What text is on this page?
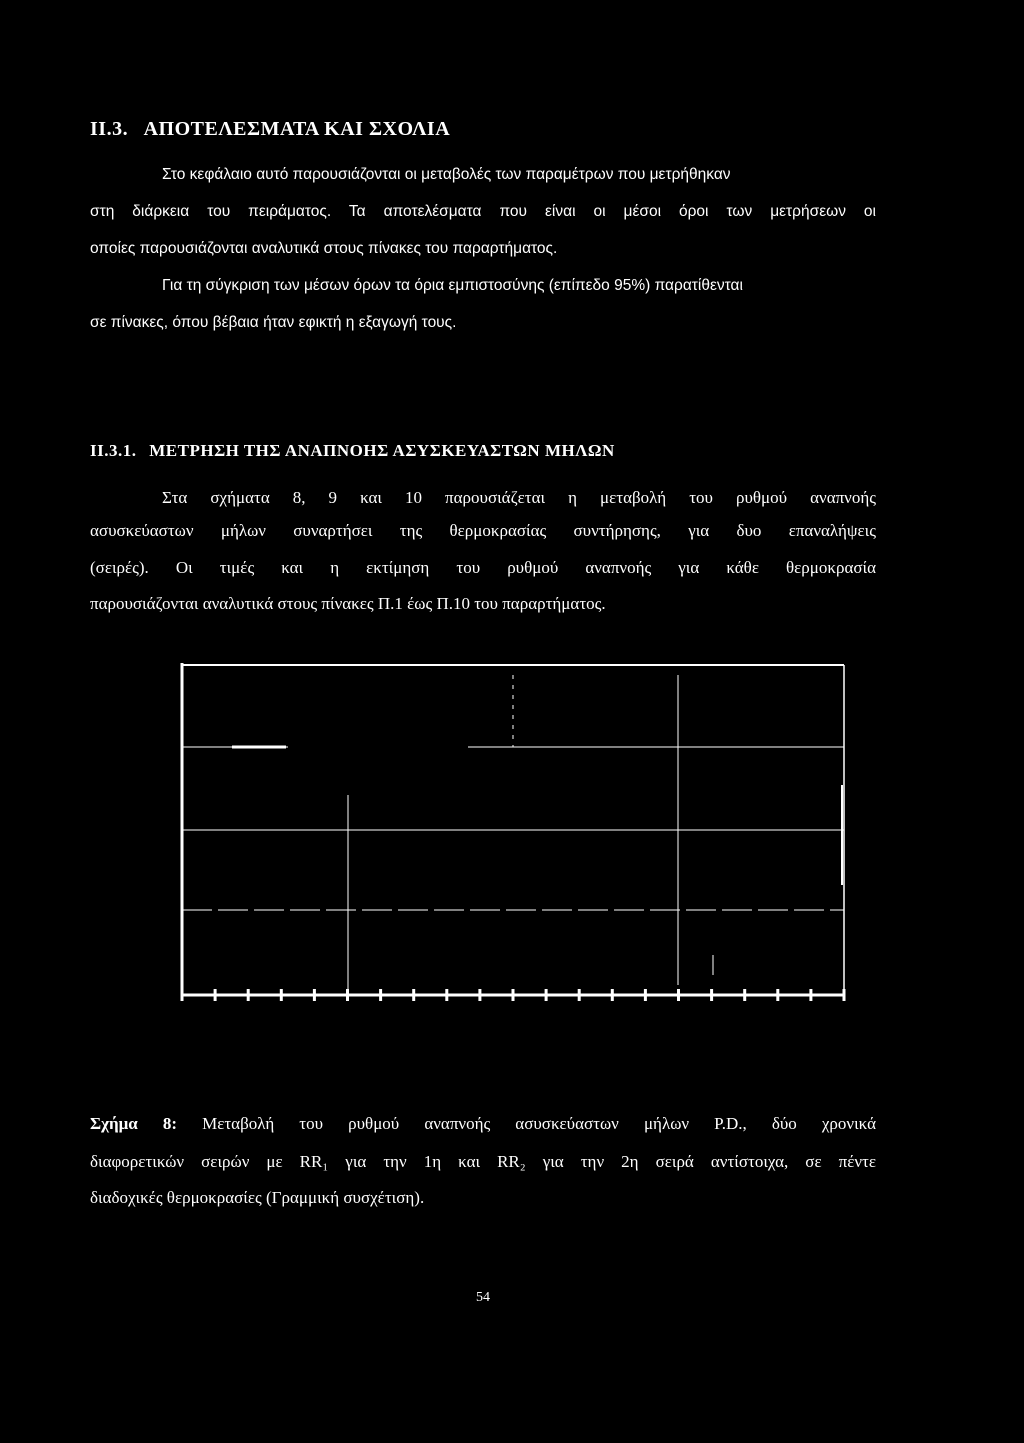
ΙΙ.3. ΑΠΟΤΕΛΕΣΜΑΤΑ ΚΑΙ ΣΧΟΛΙΑ

Στο κεφάλαιο αυτό παρουσιάζονται οι μεταβολές των παραμέτρων που μετρήθηκαν

στη διάρκεια του πειράματος. Τα αποτελέσματα που είναι οι μέσοι όροι των μετρήσεων οι

οποίες παρουσιάζονται αναλυτικά στους πίνακες του παραρτήματος.

Για τη σύγκριση των μέσων όρων τα όρια εμπιστοσύνης (επίπεδο 95%) παρατίθενται

σε πίνακες, όπου βέβαια ήταν εφικτή η εξαγωγή τους.

ΙΙ.3.1. ΜΕΤΡΗΣΗ ΤΗΣ ΑΝΑΠΝΟΗΣ ΑΣΥΣΚΕΥΑΣΤΩΝ ΜΗΛΩΝ

Στα σχήματα 8, 9 και 10 παρουσιάζεται η μεταβολή του ρυθμού αναπνοής

ασυσκεύαστων μήλων συναρτήσει της θερμοκρασίας συντήρησης, για δυο επαναλήψεις

(σειρές). Οι τιμές και η εκτίμηση του ρυθμού αναπνοής για κάθε θερμοκρασία

παρουσιάζονται αναλυτικά στους πίνακες Π.1 έως Π.10 του παραρτήματος.

Σχήμα 8: Μεταβολή του ρυθμού αναπνοής ασυσκεύαστων μήλων P.D., δύο χρονικά

διαφορετικών σειρών με RR₁ για την 1η και RR₂ για την 2η σειρά αντίστοιχα, σε πέντε

διαδοχικές θερμοκρασίες (Γραμμική συσχέτιση).

54
